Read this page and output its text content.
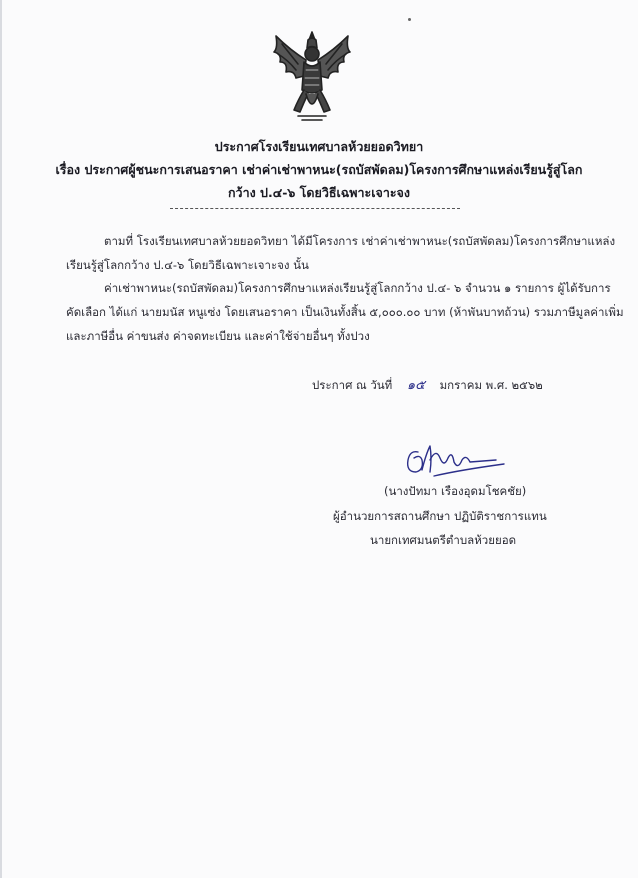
ประกาศโรงเรียนเทศบาลห้วยยอดวิทยา
เรื่อง ประกาศผู้ชนะการเสนอราคา เช่าค่าเช่าพาหนะ(รถบัสพัดลม)โครงการศึกษาแหล่งเรียนรู้สู่โลก
กว้าง ป.๔-๖ โดยวิธีเฉพาะเจาะจง
ตามที่ โรงเรียนเทศบาลห้วยยอดวิทยา ได้มีโครงการ เช่าค่าเช่าพาหนะ(รถบัสพัดลม)โครงการศึกษาแหล่ง
เรียนรู้สู่โลกกว้าง ป.๔-๖ โดยวิธีเฉพาะเจาะจง นั้น
ค่าเช่าพาหนะ(รถบัสพัดลม)โครงการศึกษาแหล่งเรียนรู้สู่โลกกว้าง ป.๔- ๖ จำนวน ๑ รายการ ผู้ได้รับการ
คัดเลือก ได้แก่ นายมนัส หนูเซ่ง โดยเสนอราคา เป็นเงินทั้งสิ้น ๕,๐๐๐.๐๐ บาท (ห้าพันบาทถ้วน) รวมภาษีมูลค่าเพิ่ม
และภาษีอื่น ค่าขนส่ง ค่าจดทะเบียน และค่าใช้จ่ายอื่นๆ ทั้งปวง
ประกาศ ณ วันที่ ๑๕ มกราคม พ.ศ. ๒๕๖๒
(นางปัทมา เรืองอุดมโชคชัย)
ผู้อำนวยการสถานศึกษา ปฏิบัติราชการแทน
นายกเทศมนตรีตำบลห้วยยอด
